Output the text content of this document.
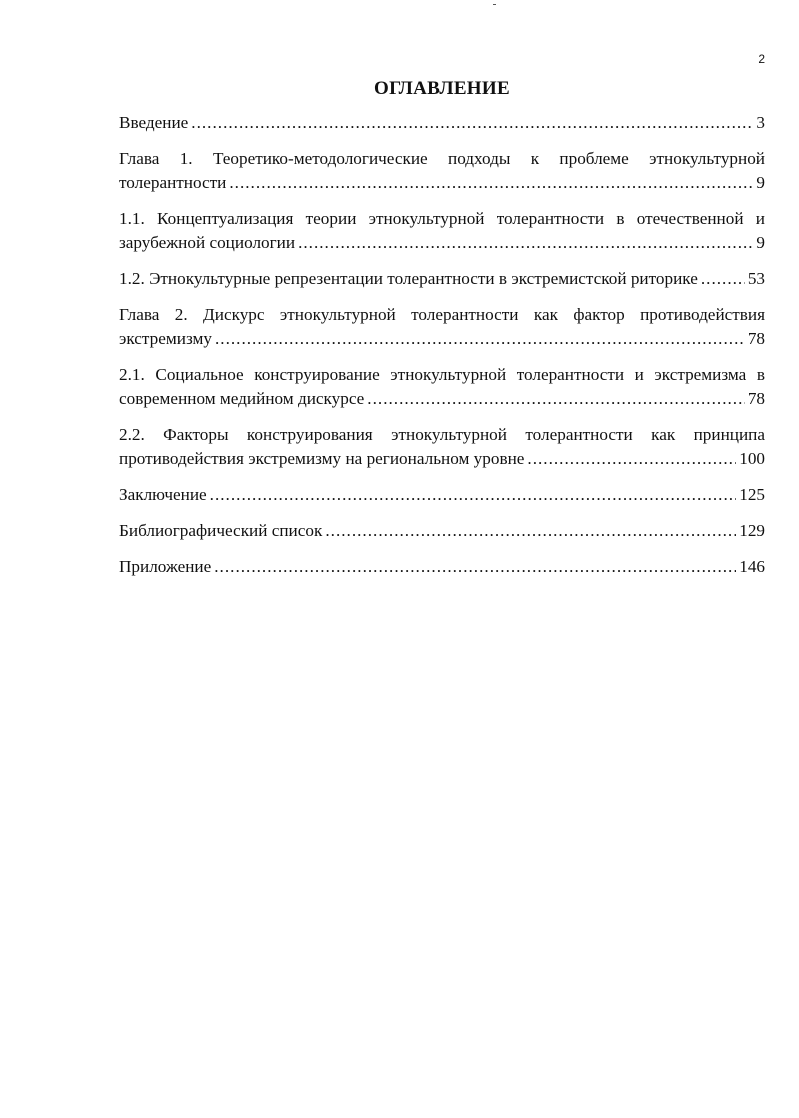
2
ОГЛАВЛЕНИЕ
Введение .....	3
Глава 1. Теоретико-методологические подходы к проблеме этнокультурной
толерантности .....	9
1.1. Концептуализация теории этнокультурной толерантности в отечественной и
зарубежной социологии .....	9
1.2. Этнокультурные репрезентации толерантности в экстремистской риторике .....	53
Глава 2. Дискурс этнокультурной толерантности как фактор противодействия
экстремизму .....	78
2.1. Социальное конструирование этнокультурной толерантности и экстремизма в
современном медийном дискурсе .....	78
2.2. Факторы конструирования этнокультурной толерантности как принципа
противодействия экстремизму на региональном уровне .....	100
Заключение .....	125
Библиографический список .....	129
Приложение .....	146
